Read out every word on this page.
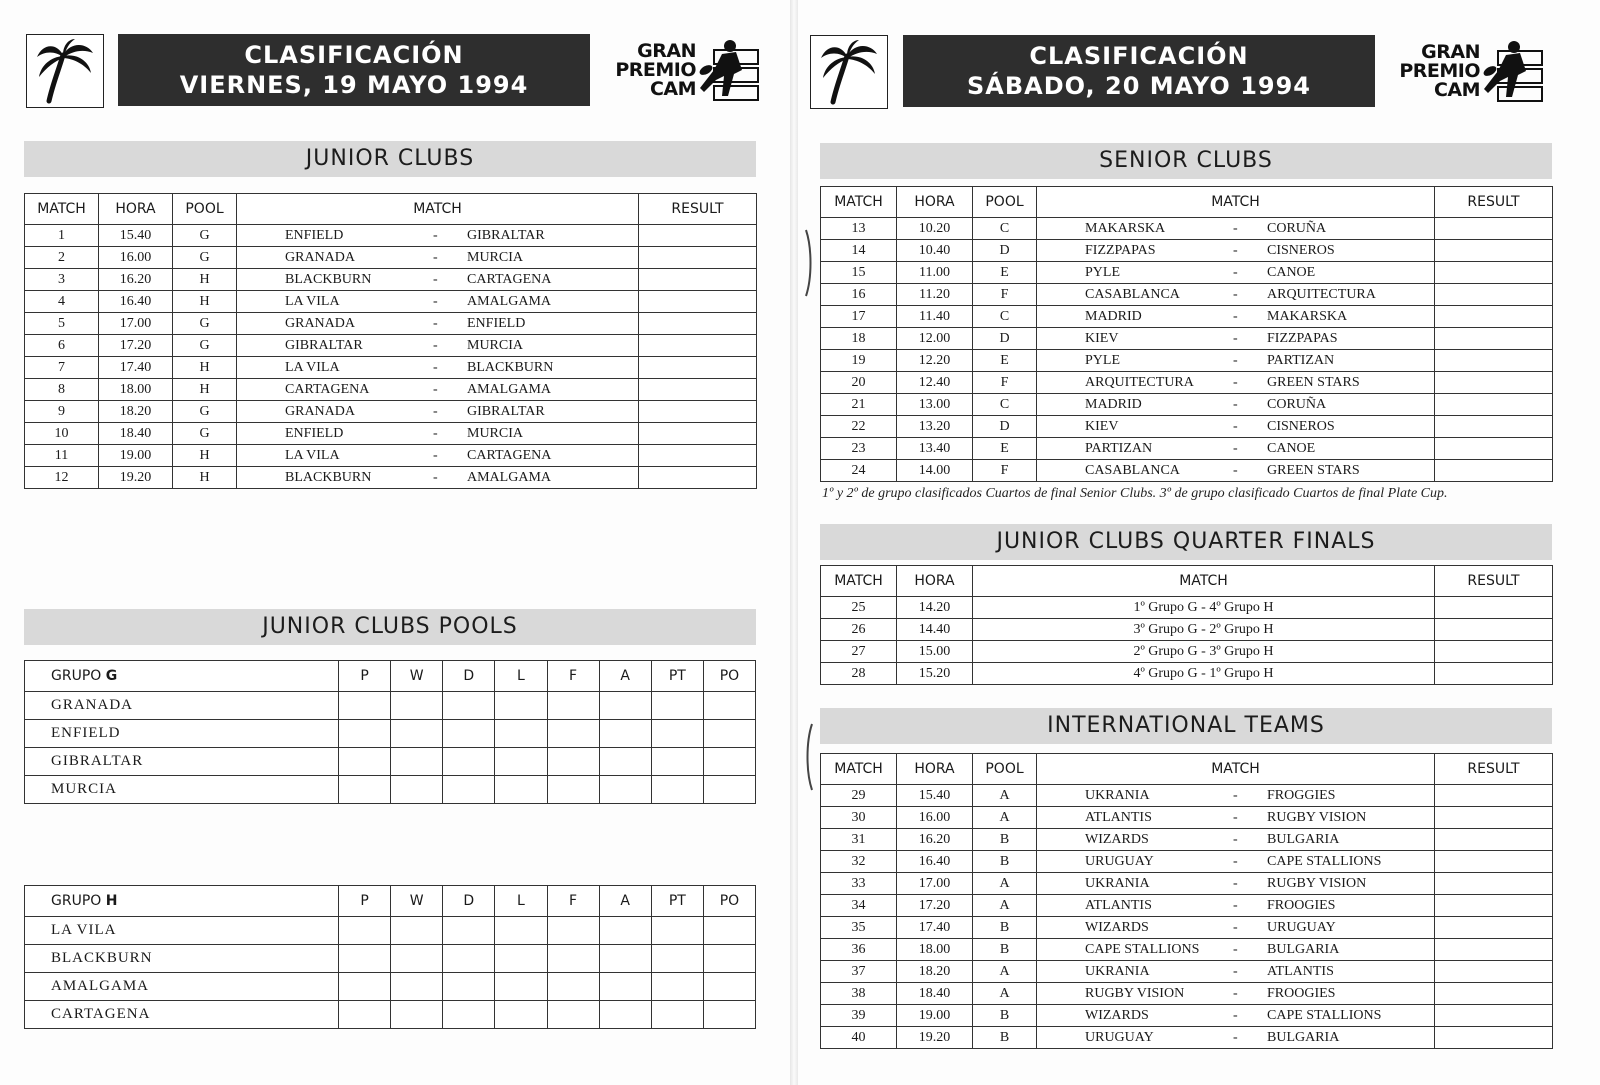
CLASIFICACIÓN
VIERNES, 19 MAYO 1994
GRAN
PREMIO
CAM
CLASIFICACIÓN
SÁBADO, 20 MAYO 1994
GRAN
PREMIO
CAM
JUNIOR CLUBS
MATCH	HORA	POOL	MATCH	RESULT
1	15.40	G	ENFIELD - GIBRALTAR	

2	16.00	G	GRANADA - MURCIA	

3	16.20	H	BLACKBURN - CARTAGENA	

4	16.40	H	LA VILA - AMALGAMA	

5	17.00	G	GRANADA - ENFIELD	

6	17.20	G	GIBRALTAR - MURCIA	

7	17.40	H	LA VILA - BLACKBURN	

8	18.00	H	CARTAGENA - AMALGAMA	

9	18.20	G	GRANADA - GIBRALTAR	

10	18.40	G	ENFIELD - MURCIA	

11	19.00	H	LA VILA - CARTAGENA	

12	19.20	H	BLACKBURN - AMALGAMA	

JUNIOR CLUBS POOLS
GRUPO G	P	W	D	L	F	A	PT	PO
GRANADA								
ENFIELD								
GIBRALTAR								
MURCIA								
GRUPO H	P	W	D	L	F	A	PT	PO
LA VILA								
BLACKBURN								
AMALGAMA								
CARTAGENA								
SENIOR CLUBS
MATCH	HORA	POOL	MATCH	RESULT
13	10.20	C	MAKARSKA - CORUÑA	

14	10.40	D	FIZZPAPAS - CISNEROS	

15	11.00	E	PYLE - CANOE	

16	11.20	F	CASABLANCA - ARQUITECTURA	

17	11.40	C	MADRID - MAKARSKA	

18	12.00	D	KIEV - FIZZPAPAS	

19	12.20	E	PYLE - PARTIZAN	

20	12.40	F	ARQUITECTURA - GREEN STARS	

21	13.00	C	MADRID - CORUÑA	

22	13.20	D	KIEV - CISNEROS	

23	13.40	E	PARTIZAN - CANOE	

24	14.00	F	CASABLANCA - GREEN STARS	

1º y 2º de grupo clasificados Cuartos de final Senior Clubs. 3º de grupo clasificado Cuartos de final Plate Cup.
JUNIOR CLUBS QUARTER FINALS
MATCH	HORA	MATCH	RESULT
25	14.20	1º Grupo G - 4º Grupo H	
26	14.40	3º Grupo G - 2º Grupo H	
27	15.00	2º Grupo G - 3º Grupo H	
28	15.20	4º Grupo G - 1º Grupo H	
INTERNATIONAL TEAMS
MATCH	HORA	POOL	MATCH	RESULT
29	15.40	A	UKRANIA - FROGGIES	

30	16.00	A	ATLANTIS - RUGBY VISION	

31	16.20	B	WIZARDS - BULGARIA	

32	16.40	B	URUGUAY - CAPE STALLIONS	

33	17.00	A	UKRANIA - RUGBY VISION	

34	17.20	A	ATLANTIS - FROOGIES	

35	17.40	B	WIZARDS - URUGUAY	

36	18.00	B	CAPE STALLIONS - BULGARIA	

37	18.20	A	UKRANIA - ATLANTIS	

38	18.40	A	RUGBY VISION - FROOGIES	

39	19.00	B	WIZARDS - CAPE STALLIONS	

40	19.20	B	URUGUAY - BULGARIA	
